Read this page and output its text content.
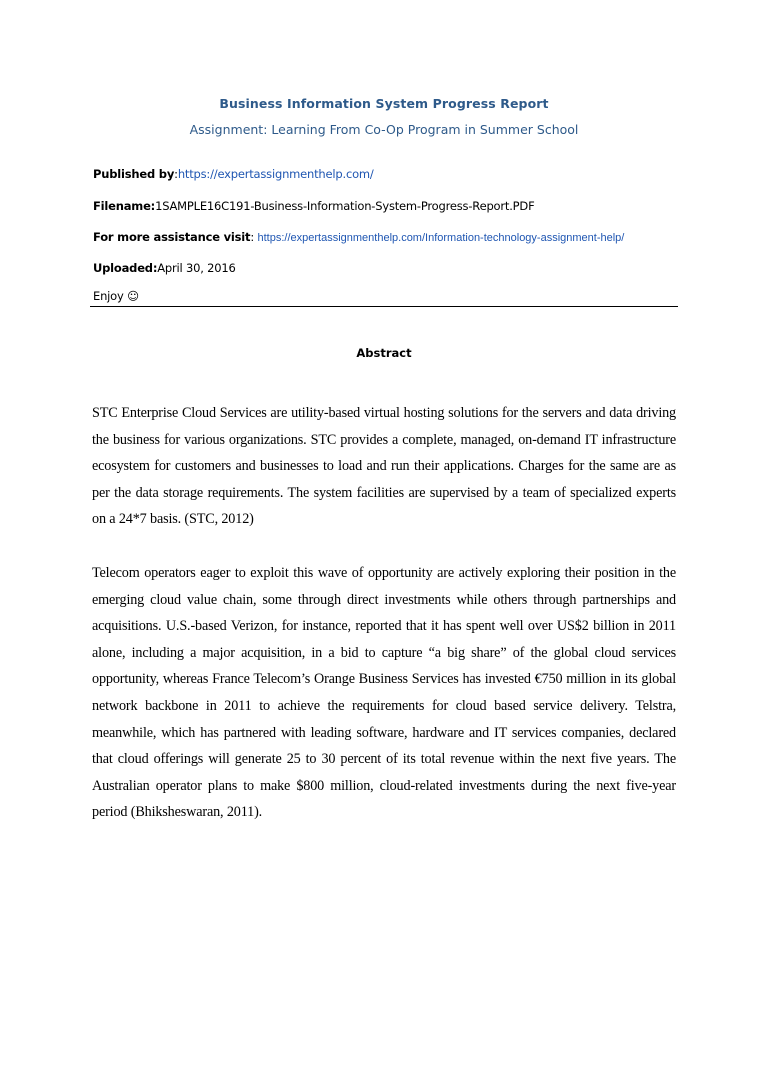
Business Information System Progress Report
Assignment: Learning From Co-Op Program in Summer School
Published by:https://expertassignmenthelp.com/
Filename:1SAMPLE16C191-Business-Information-System-Progress-Report.PDF
For more assistance visit: https://expertassignmenthelp.com/Information-technology-assignment-help/
Uploaded:April 30, 2016
Enjoy ☺
Abstract
STC Enterprise Cloud Services are utility-based virtual hosting solutions for the servers and data driving the business for various organizations. STC provides a complete, managed, on-demand IT infrastructure ecosystem for customers and businesses to load and run their applications. Charges for the same are as per the data storage requirements. The system facilities are supervised by a team of specialized experts on a 24*7 basis. (STC, 2012)
Telecom operators eager to exploit this wave of opportunity are actively exploring their position in the emerging cloud value chain, some through direct investments while others through partnerships and acquisitions. U.S.-based Verizon, for instance, reported that it has spent well over US$2 billion in 2011 alone, including a major acquisition, in a bid to capture “a big share” of the global cloud services opportunity, whereas France Telecom’s Orange Business Services has invested €750 million in its global network backbone in 2011 to achieve the requirements for cloud based service delivery. Telstra, meanwhile, which has partnered with leading software, hardware and IT services companies, declared that cloud offerings will generate 25 to 30 percent of its total revenue within the next five years. The Australian operator plans to make $800 million, cloud-related investments during the next five-year period (Bhiksheswaran, 2011).
